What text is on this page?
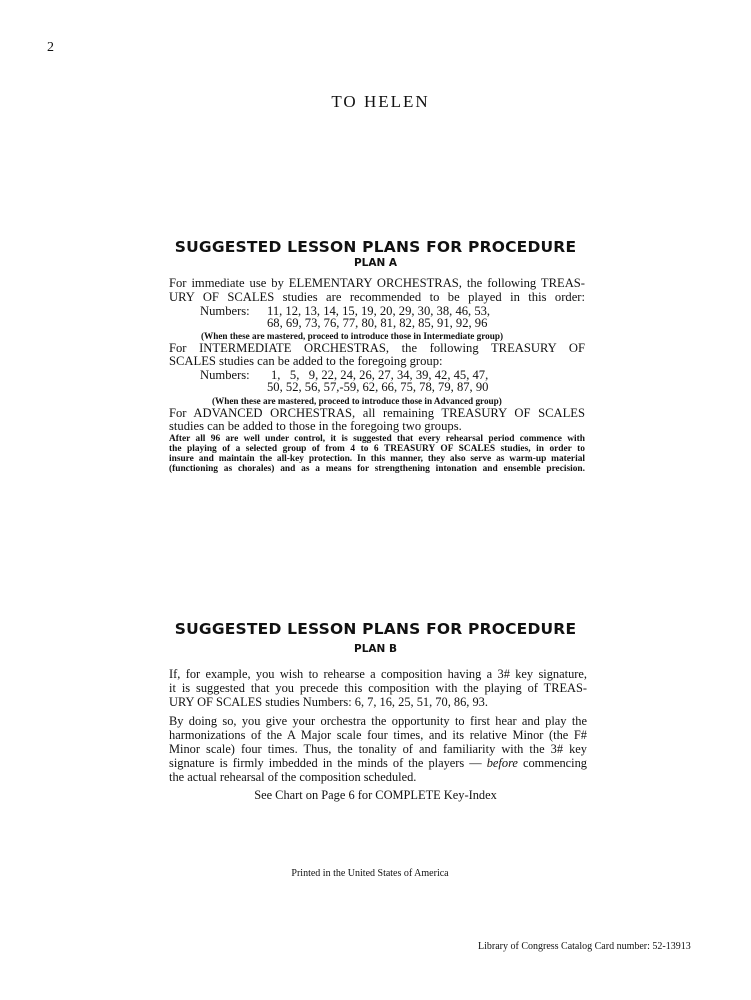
2
TO HELEN
SUGGESTED LESSON PLANS FOR PROCEDURE
PLAN A
For immediate use by ELEMENTARY ORCHESTRAS, the following TREAS-
URY OF SCALES studies are recommended to be played in this order:
Numbers: 11, 12, 13, 14, 15, 19, 20, 29, 30, 38, 46, 53,
68, 69, 73, 76, 77, 80, 81, 82, 85, 91, 92, 96
(When these are mastered, proceed to introduce those in Intermediate group)
For INTERMEDIATE ORCHESTRAS, the following TREASURY OF
SCALES studies can be added to the foregoing group:
Numbers: 1,   5,   9, 22, 24, 26, 27, 34, 39, 42, 45, 47,
50, 52, 56, 57,-59, 62, 66, 75, 78, 79, 87, 90
(When these are mastered, proceed to introduce those in Advanced group)
For ADVANCED ORCHESTRAS, all remaining TREASURY OF SCALES
studies can be added to those in the foregoing two groups.
After all 96 are well under control, it is suggested that every rehearsal period commence with
the playing of a selected group of from 4 to 6 TREASURY OF SCALES studies, in order to
insure and maintain the all-key protection. In this manner, they also serve as warm-up material
(functioning as chorales) and as a means for strengthening intonation and ensemble precision.
SUGGESTED LESSON PLANS FOR PROCEDURE
PLAN B
If, for example, you wish to rehearse a composition having a 3# key signature,
it is suggested that you precede this composition with the playing of TREAS-
URY OF SCALES studies Numbers: 6, 7, 16, 25, 51, 70, 86, 93.
By doing so, you give your orchestra the opportunity to first hear and play the
harmonizations of the A Major scale four times, and its relative Minor (the F#
Minor scale) four times. Thus, the tonality of and familiarity with the 3# key
signature is firmly imbedded in the minds of the players — before commencing
the actual rehearsal of the composition scheduled.
See Chart on Page 6 for COMPLETE Key-Index
Printed in the United States of America
Library of Congress Catalog Card number: 52-13913
